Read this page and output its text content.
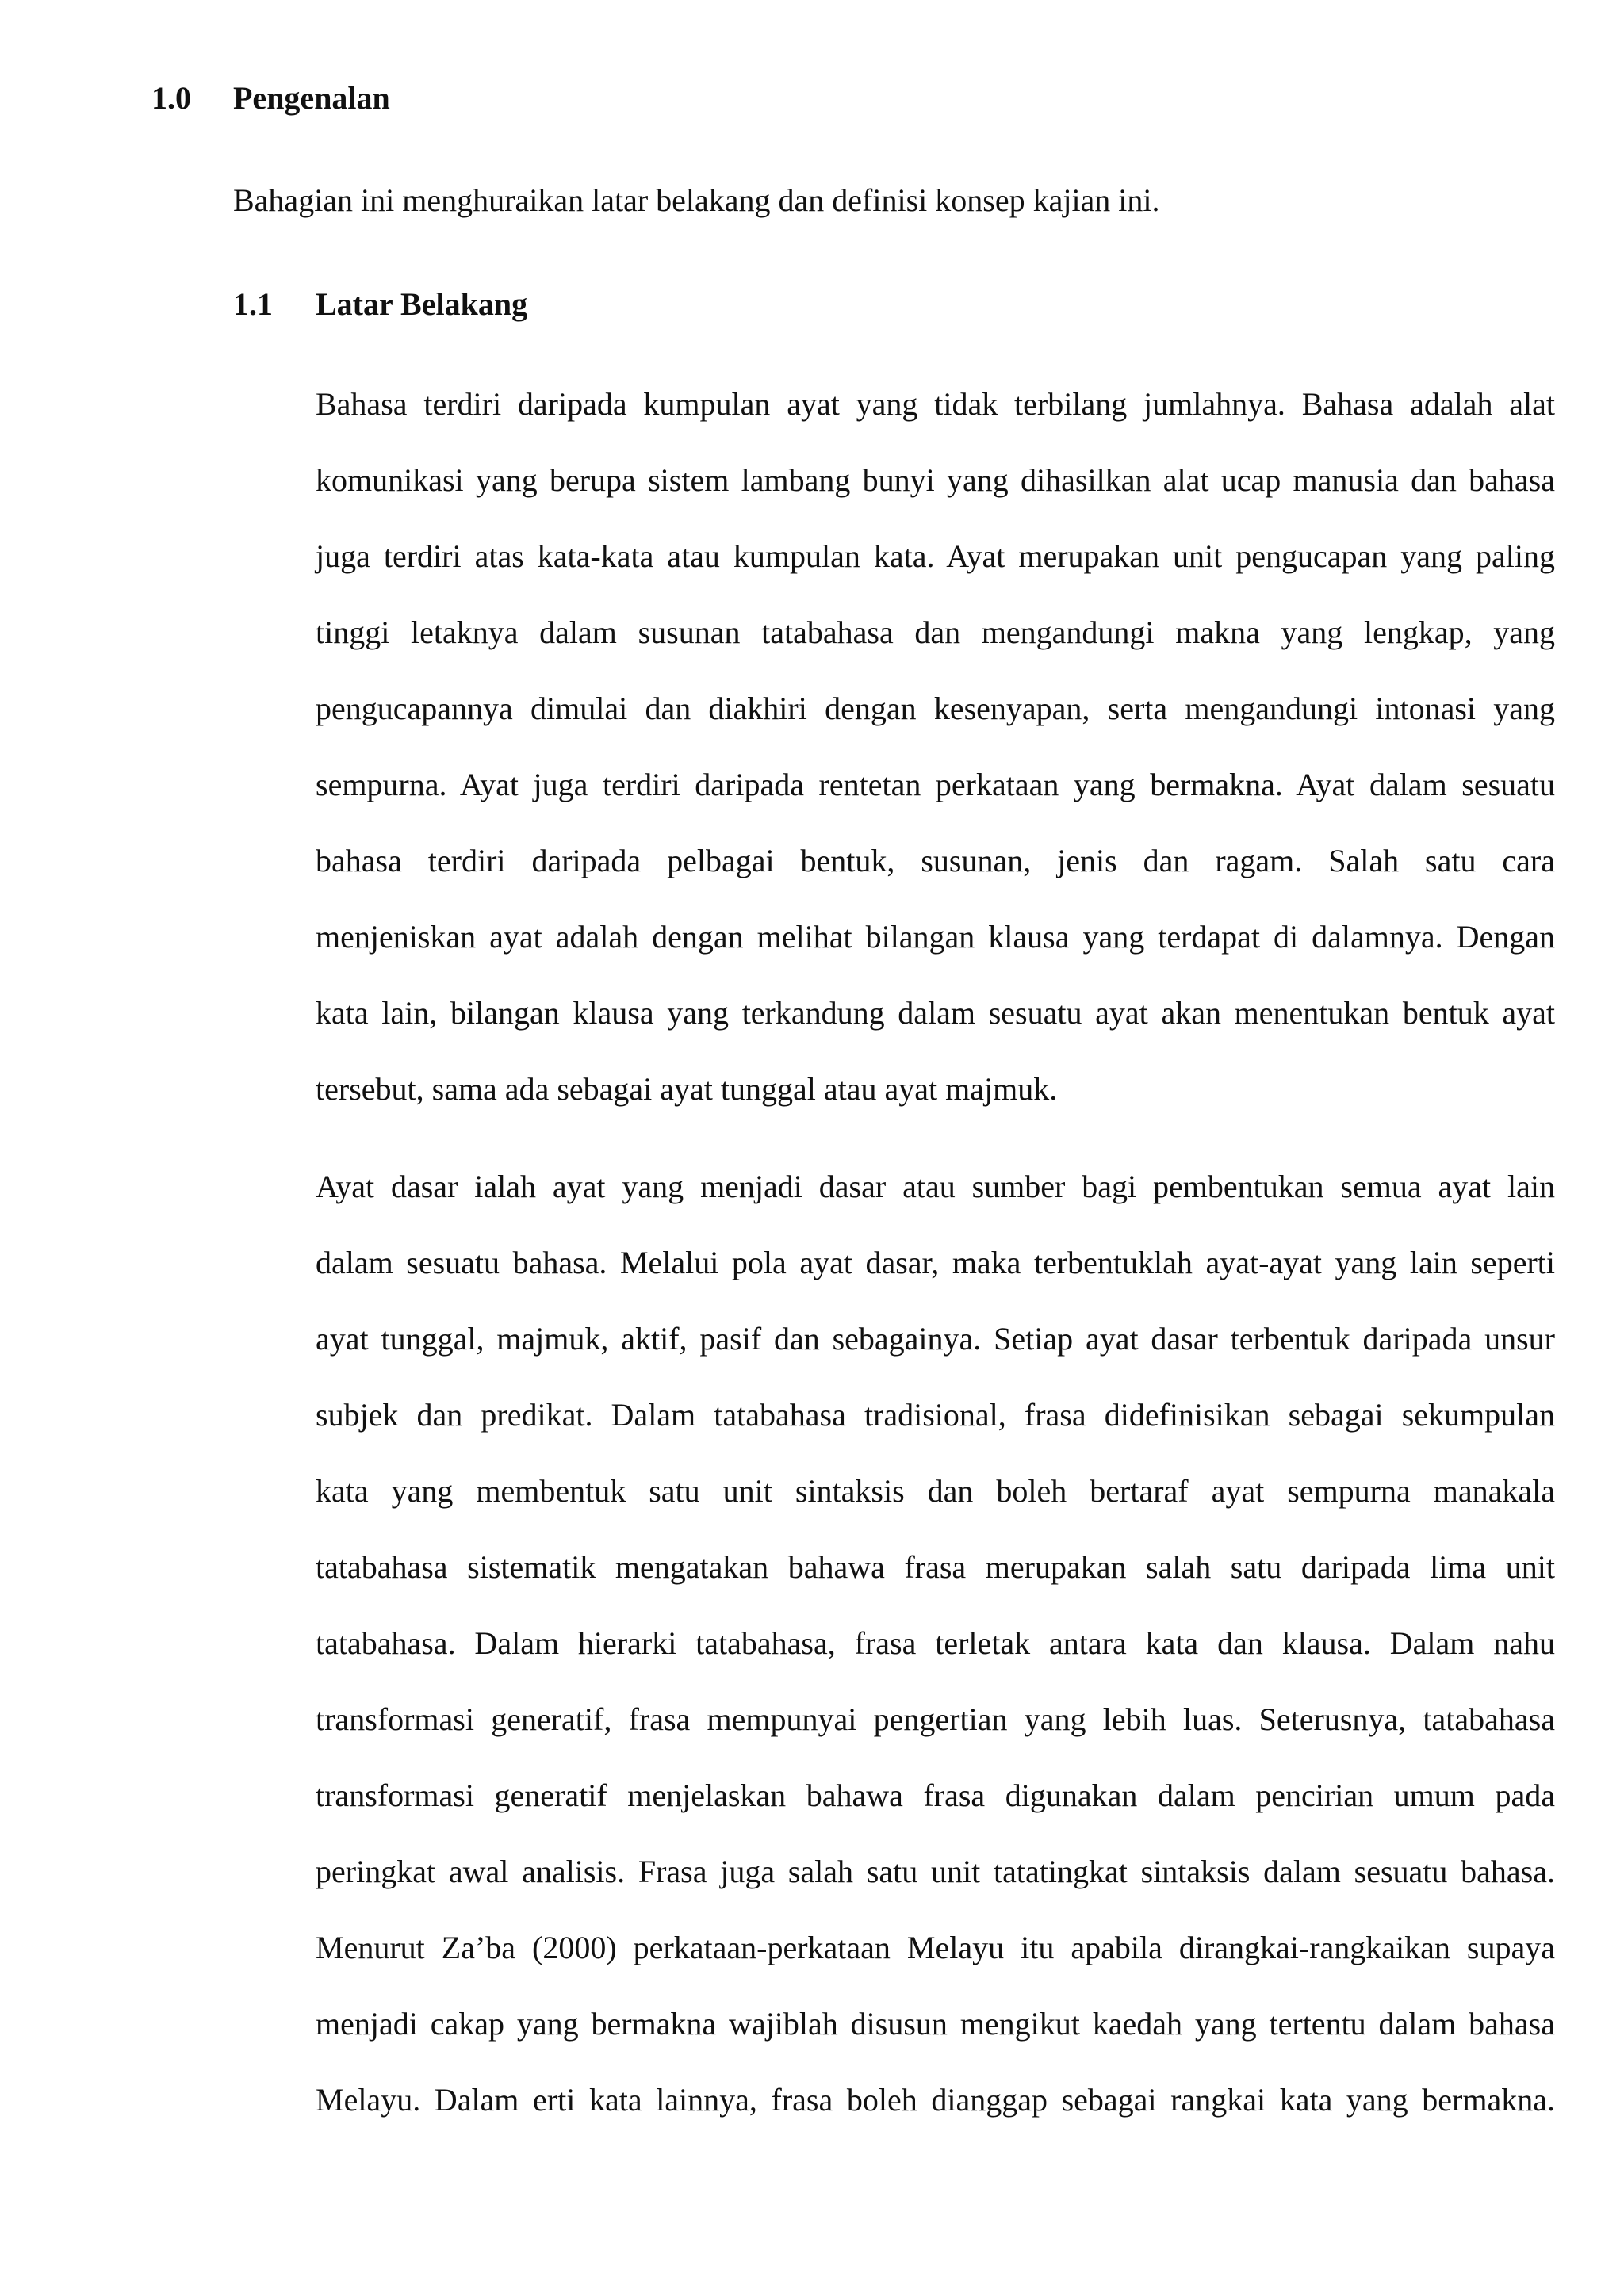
1.0 Pengenalan
Bahagian ini menghuraikan latar belakang dan definisi konsep kajian ini.
1.1 Latar Belakang
Bahasa terdiri daripada kumpulan ayat yang tidak terbilang jumlahnya. Bahasa adalah alat
komunikasi yang berupa sistem lambang bunyi yang dihasilkan alat ucap manusia dan bahasa
juga terdiri atas kata-kata atau kumpulan kata. Ayat merupakan unit pengucapan yang paling
tinggi letaknya dalam susunan tatabahasa dan mengandungi makna yang lengkap, yang
pengucapannya dimulai dan diakhiri dengan kesenyapan, serta mengandungi intonasi yang
sempurna. Ayat juga terdiri daripada rentetan perkataan yang bermakna. Ayat dalam sesuatu
bahasa terdiri daripada pelbagai bentuk, susunan, jenis dan ragam. Salah satu cara
menjeniskan ayat adalah dengan melihat bilangan klausa yang terdapat di dalamnya. Dengan
kata lain, bilangan klausa yang terkandung dalam sesuatu ayat akan menentukan bentuk ayat
tersebut, sama ada sebagai ayat tunggal atau ayat majmuk.
Ayat dasar ialah ayat yang menjadi dasar atau sumber bagi pembentukan semua ayat lain
dalam sesuatu bahasa. Melalui pola ayat dasar, maka terbentuklah ayat-ayat yang lain seperti
ayat tunggal, majmuk, aktif, pasif dan sebagainya. Setiap ayat dasar terbentuk daripada unsur
subjek dan predikat. Dalam tatabahasa tradisional, frasa didefinisikan sebagai sekumpulan
kata yang membentuk satu unit sintaksis dan boleh bertaraf ayat sempurna manakala
tatabahasa sistematik mengatakan bahawa frasa merupakan salah satu daripada lima unit
tatabahasa. Dalam hierarki tatabahasa, frasa terletak antara kata dan klausa. Dalam nahu
transformasi generatif, frasa mempunyai pengertian yang lebih luas. Seterusnya, tatabahasa
transformasi generatif menjelaskan bahawa frasa digunakan dalam pencirian umum pada
peringkat awal analisis. Frasa juga salah satu unit tatatingkat sintaksis dalam sesuatu bahasa.
Menurut Za’ba (2000) perkataan-perkataan Melayu itu apabila dirangkai-rangkaikan supaya
menjadi cakap yang bermakna wajiblah disusun mengikut kaedah yang tertentu dalam bahasa
Melayu. Dalam erti kata lainnya, frasa boleh dianggap sebagai rangkai kata yang bermakna.
